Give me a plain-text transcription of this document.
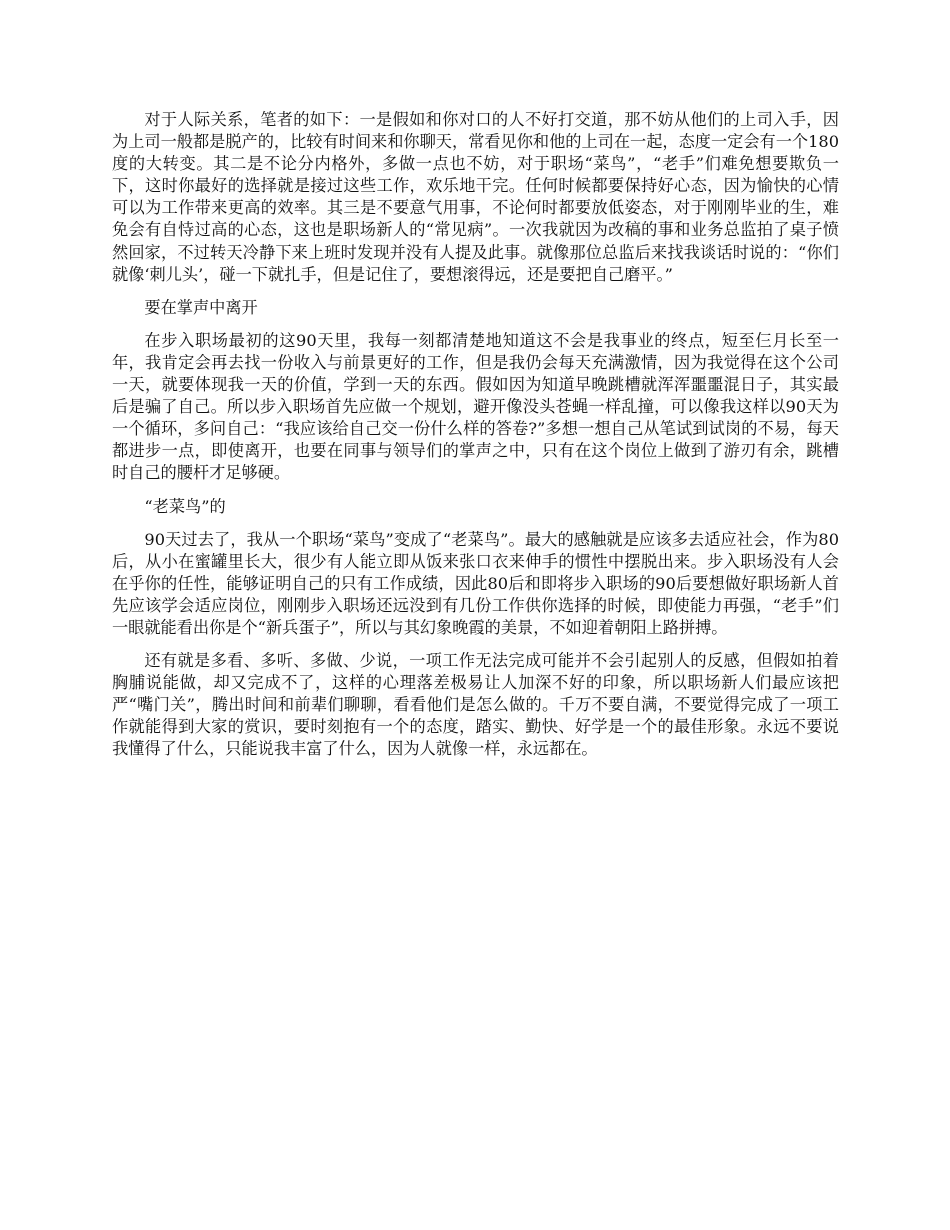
对于人际关系，笔者的如下：一是假如和你对口的人不好打交道，那不妨从他们的上司入手，因为上司一般都是脱产的，比较有时间来和你聊天，常看见你和他的上司在一起，态度一定会有一个180度的大转变。其二是不论分内格外，多做一点也不妨，对于职场“菜鸟”，“老手”们难免想要欺负一下，这时你最好的选择就是接过这些工作，欢乐地干完。任何时候都要保持好心态，因为愉快的心情可以为工作带来更高的效率。其三是不要意气用事，不论何时都要放低姿态，对于刚刚毕业的生，难免会有自恃过高的心态，这也是职场新人的“常见病”。一次我就因为改稿的事和业务总监拍了桌子愤然回家，不过转天冷静下来上班时发现并没有人提及此事。就像那位总监后来找我谈话时说的：“你们就像‘刺儿头’，碰一下就扎手，但是记住了，要想滚得远，还是要把自己磨平。”

要在掌声中离开

在步入职场最初的这90天里，我每一刻都清楚地知道这不会是我事业的终点，短至仨月长至一年，我肯定会再去找一份收入与前景更好的工作，但是我仍会每天充满激情，因为我觉得在这个公司一天，就要体现我一天的价值，学到一天的东西。假如因为知道早晚跳槽就浑浑噩噩混日子，其实最后是骗了自己。所以步入职场首先应做一个规划，避开像没头苍蝇一样乱撞，可以像我这样以90天为一个循环，多问自己：“我应该给自己交一份什么样的答卷?”多想一想自己从笔试到试岗的不易，每天都进步一点，即使离开，也要在同事与领导们的掌声之中，只有在这个岗位上做到了游刃有余，跳槽时自己的腰杆才足够硬。

“老菜鸟”的

90天过去了，我从一个职场“菜鸟”变成了“老菜鸟”。最大的感触就是应该多去适应社会，作为80后，从小在蜜罐里长大，很少有人能立即从饭来张口衣来伸手的惯性中摆脱出来。步入职场没有人会在乎你的任性，能够证明自己的只有工作成绩，因此80后和即将步入职场的90后要想做好职场新人首先应该学会适应岗位，刚刚步入职场还远没到有几份工作供你选择的时候，即使能力再强，“老手”们一眼就能看出你是个“新兵蛋子”，所以与其幻象晚霞的美景，不如迎着朝阳上路拼搏。

还有就是多看、多听、多做、少说，一项工作无法完成可能并不会引起别人的反感，但假如拍着胸脯说能做，却又完成不了，这样的心理落差极易让人加深不好的印象，所以职场新人们最应该把严“嘴门关”，腾出时间和前辈们聊聊，看看他们是怎么做的。千万不要自满，不要觉得完成了一项工作就能得到大家的赏识，要时刻抱有一个的态度，踏实、勤快、好学是一个的最佳形象。永远不要说我懂得了什么，只能说我丰富了什么，因为人就像一样，永远都在。
